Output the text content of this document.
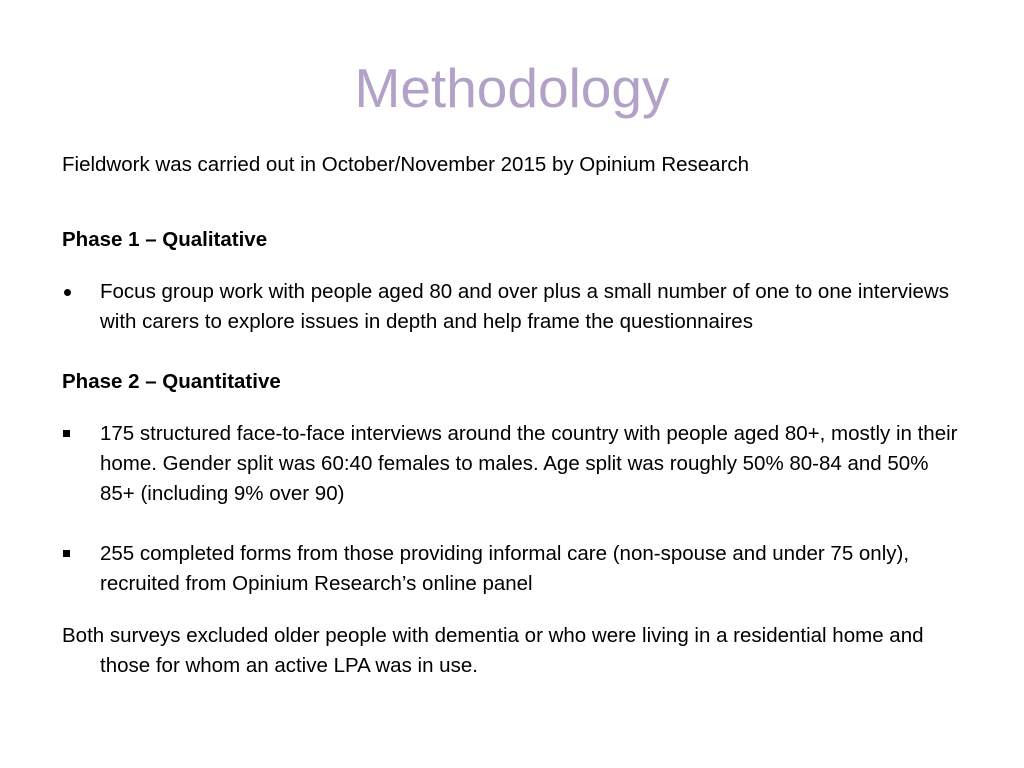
Methodology

Fieldwork was carried out in October/November 2015 by Opinium Research

Phase 1 – Qualitative

Focus group work with people aged 80 and over plus a small number of one to one interviews with carers to explore issues in depth and help frame the questionnaires

Phase 2 – Quantitative

175 structured face-to-face interviews around the country with people aged 80+, mostly in their home. Gender split was 60:40 females to males. Age split was roughly 50% 80-84 and 50% 85+ (including 9% over 90)
255 completed forms from those providing informal care (non-spouse and under 75 only), recruited from Opinium Research’s online panel

Both surveys excluded older people with dementia or who were living in a residential home and those for whom an active LPA was in use.
